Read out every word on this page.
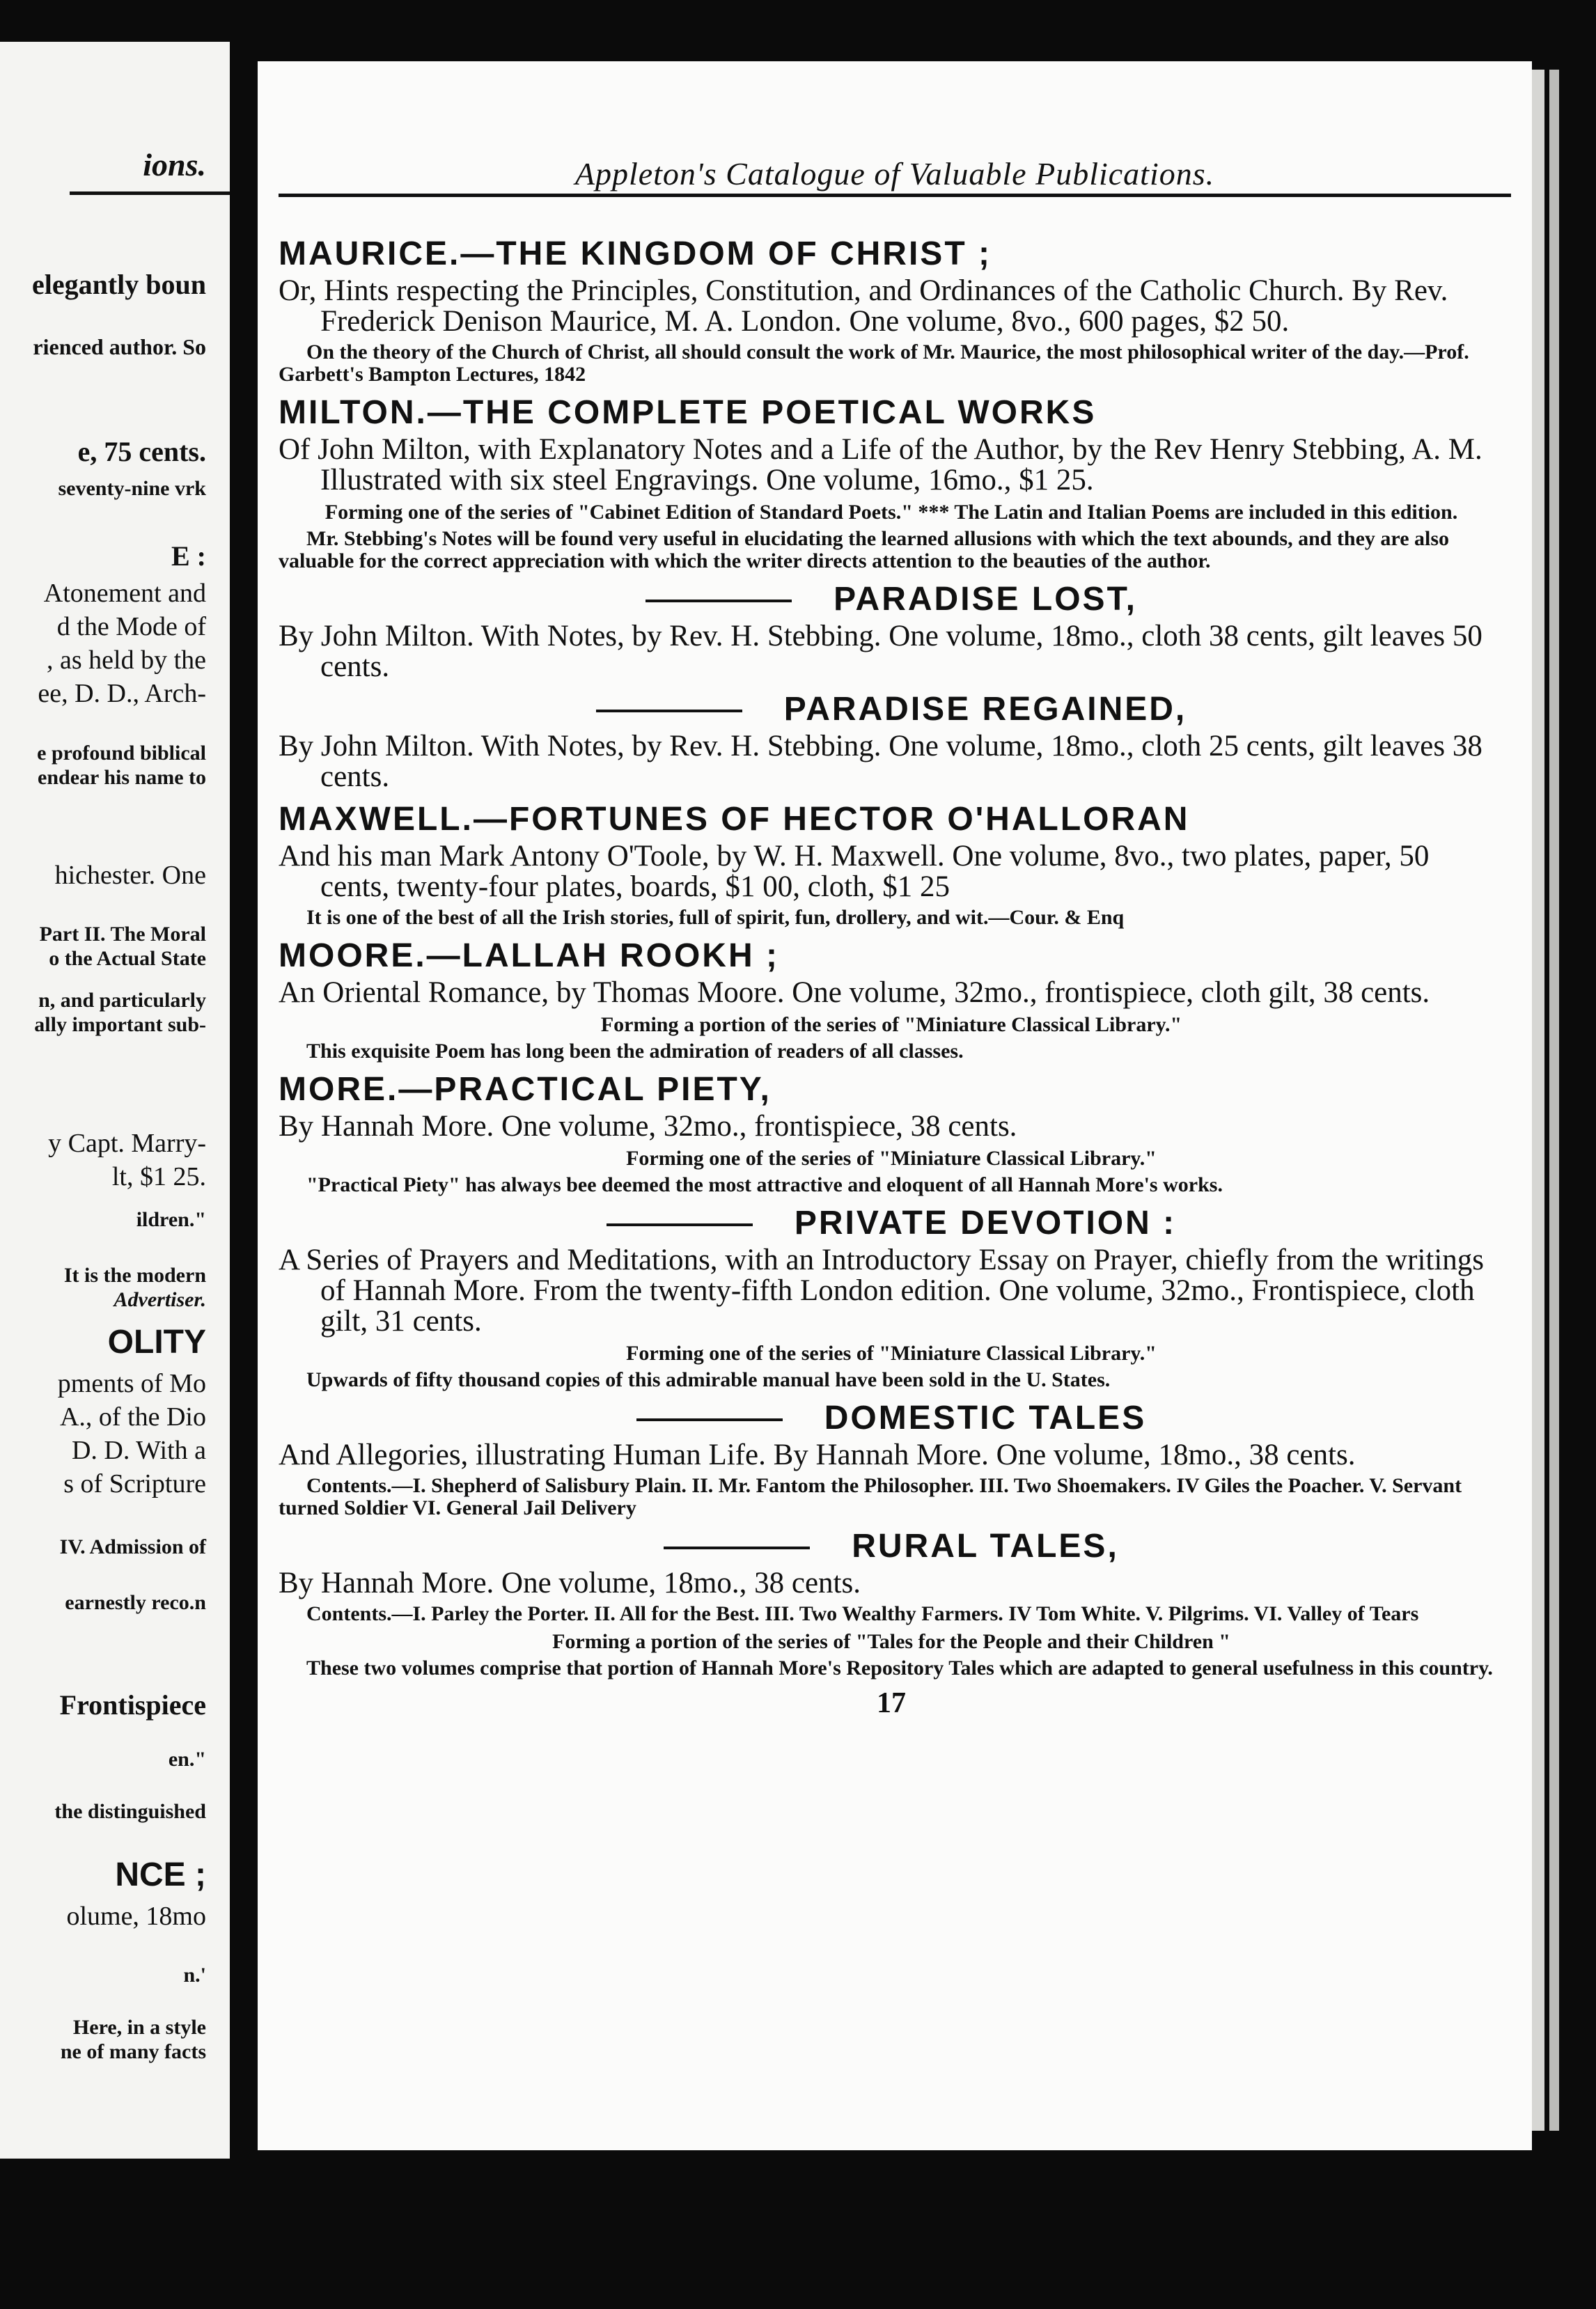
ions.
elegantly boun
rienced author. So
e, 75 cents.
seventy-nine vrk
E :
Atonement and
d the Mode of
, as held by the
ee, D. D., Arch-
e profound biblical
endear his name to
hichester. One
Part II. The Moral
o the Actual State
n, and particularly
ally important sub-
y Capt. Marry-
lt, $1 25.
ildren."
It is the modern
Advertiser.
OLITY
pments of Mo
A., of the Dio
D. D. With a
s of Scripture
IV. Admission of
earnestly reco.n
Frontispiece
en."
the distinguished
NCE ;
olume, 18mo
n.'
Here, in a style
ne of many facts
Appleton's Catalogue of Valuable Publications.
MAURICE.—THE KINGDOM OF CHRIST ;
Or, Hints respecting the Principles, Constitution, and Ordinances of the Catholic Church. By Rev. Frederick Denison Maurice, M. A. London. One volume, 8vo., 600 pages, $2 50.
On the theory of the Church of Christ, all should consult the work of Mr. Maurice, the most philosophical writer of the day.—Prof. Garbett's Bampton Lectures, 1842
MILTON.—THE COMPLETE POETICAL WORKS
Of John Milton, with Explanatory Notes and a Life of the Author, by the Rev Henry Stebbing, A. M. Illustrated with six steel Engravings. One volume, 16mo., $1 25.
Forming one of the series of "Cabinet Edition of Standard Poets." *** The Latin and Italian Poems are included in this edition.
Mr. Stebbing's Notes will be found very useful in elucidating the learned allusions with which the text abounds, and they are also valuable for the correct appreciation with which the writer directs attention to the beauties of the author.
PARADISE LOST,
By John Milton. With Notes, by Rev. H. Stebbing. One volume, 18mo., cloth 38 cents, gilt leaves 50 cents.
PARADISE REGAINED,
By John Milton. With Notes, by Rev. H. Stebbing. One volume, 18mo., cloth 25 cents, gilt leaves 38 cents.
MAXWELL.—FORTUNES OF HECTOR O'HALLORAN
And his man Mark Antony O'Toole, by W. H. Maxwell. One volume, 8vo., two plates, paper, 50 cents, twenty-four plates, boards, $1 00, cloth, $1 25
It is one of the best of all the Irish stories, full of spirit, fun, drollery, and wit.—Cour. & Enq
MOORE.—LALLAH ROOKH ;
An Oriental Romance, by Thomas Moore. One volume, 32mo., frontispiece, cloth gilt, 38 cents.
Forming a portion of the series of "Miniature Classical Library."
This exquisite Poem has long been the admiration of readers of all classes.
MORE.—PRACTICAL PIETY,
By Hannah More. One volume, 32mo., frontispiece, 38 cents.
Forming one of the series of "Miniature Classical Library."
"Practical Piety" has always bee deemed the most attractive and eloquent of all Hannah More's works.
PRIVATE DEVOTION :
A Series of Prayers and Meditations, with an Introductory Essay on Prayer, chiefly from the writings of Hannah More. From the twenty-fifth London edition. One volume, 32mo., Frontispiece, cloth gilt, 31 cents.
Forming one of the series of "Miniature Classical Library."
Upwards of fifty thousand copies of this admirable manual have been sold in the U. States.
DOMESTIC TALES
And Allegories, illustrating Human Life. By Hannah More. One volume, 18mo., 38 cents.
Contents.—I. Shepherd of Salisbury Plain. II. Mr. Fantom the Philosopher. III. Two Shoemakers. IV Giles the Poacher. V. Servant turned Soldier VI. General Jail Delivery
RURAL TALES,
By Hannah More. One volume, 18mo., 38 cents.
Contents.—I. Parley the Porter. II. All for the Best. III. Two Wealthy Farmers. IV Tom White. V. Pilgrims. VI. Valley of Tears
Forming a portion of the series of "Tales for the People and their Children "
These two volumes comprise that portion of Hannah More's Repository Tales which are adapted to general usefulness in this country.
17
